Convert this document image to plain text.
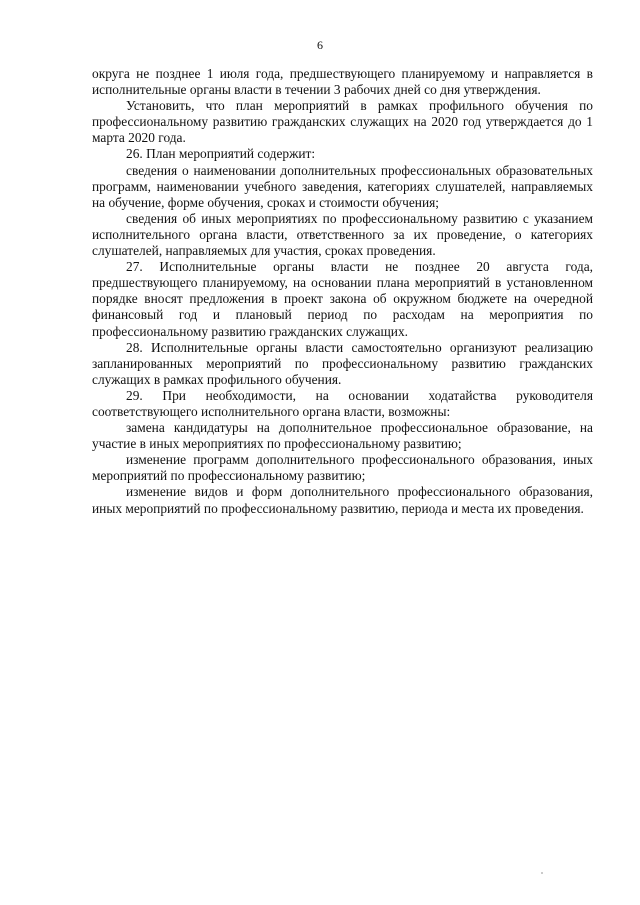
6

округа не позднее 1 июля года, предшествующего планируемому и направляется в исполнительные органы власти в течении 3 рабочих дней со дня утверждения.

Установить, что план мероприятий в рамках профильного обучения по профессиональному развитию гражданских служащих на 2020 год утверждается до 1 марта 2020 года.

26. План мероприятий содержит:

сведения о наименовании дополнительных профессиональных образовательных программ, наименовании учебного заведения, категориях слушателей, направляемых на обучение, форме обучения, сроках и стоимости обучения;

сведения об иных мероприятиях по профессиональному развитию с указанием исполнительного органа власти, ответственного за их проведение, о категориях слушателей, направляемых для участия, сроках проведения.

27. Исполнительные органы власти не позднее 20 августа года, предшествующего планируемому, на основании плана мероприятий в установленном порядке вносят предложения в проект закона об окружном бюджете на очередной финансовый год и плановый период по расходам на мероприятия по профессиональному развитию гражданских служащих.

28. Исполнительные органы власти самостоятельно организуют реализацию запланированных мероприятий по профессиональному развитию гражданских служащих в рамках профильного обучения.

29. При необходимости, на основании ходатайства руководителя соответствующего исполнительного органа власти, возможны:

замена кандидатуры на дополнительное профессиональное образование, на участие в иных мероприятиях по профессиональному развитию;

изменение программ дополнительного профессионального образования, иных мероприятий по профессиональному развитию;

изменение видов и форм дополнительного профессионального образования, иных мероприятий по профессиональному развитию, периода и места их проведения.
